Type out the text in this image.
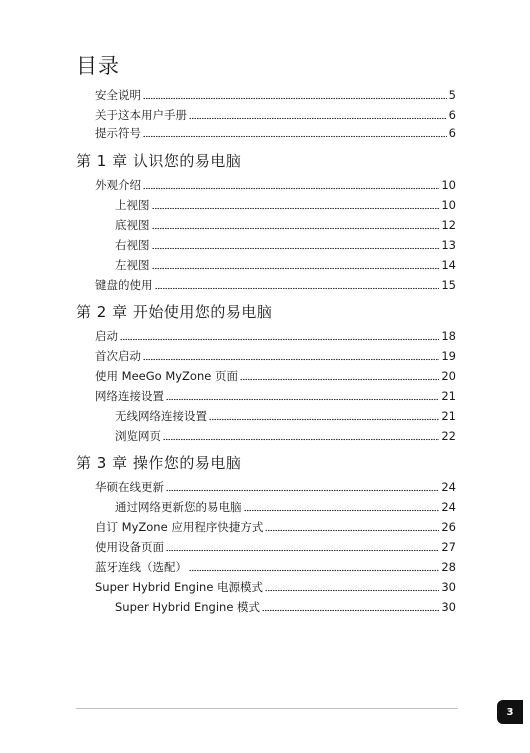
目录
安全说明	5
关于这本用户手册	6
提示符号	6
第 1 章 认识您的易电脑
外观介绍	10
上视图	10
底视图	12
右视图	13
左视图	14
键盘的使用	15
第 2 章 开始使用您的易电脑
启动	18
首次启动	19
使用 MeeGo MyZone 页面	20
网络连接设置	21
无线网络连接设置	21
浏览网页	22
第 3 章 操作您的易电脑
华硕在线更新	24
通过网络更新您的易电脑	24
自订 MyZone 应用程序快捷方式	26
使用设备页面	27
蓝牙连线（选配）	28
Super Hybrid Engine 电源模式	30
Super Hybrid Engine 模式	30
3
